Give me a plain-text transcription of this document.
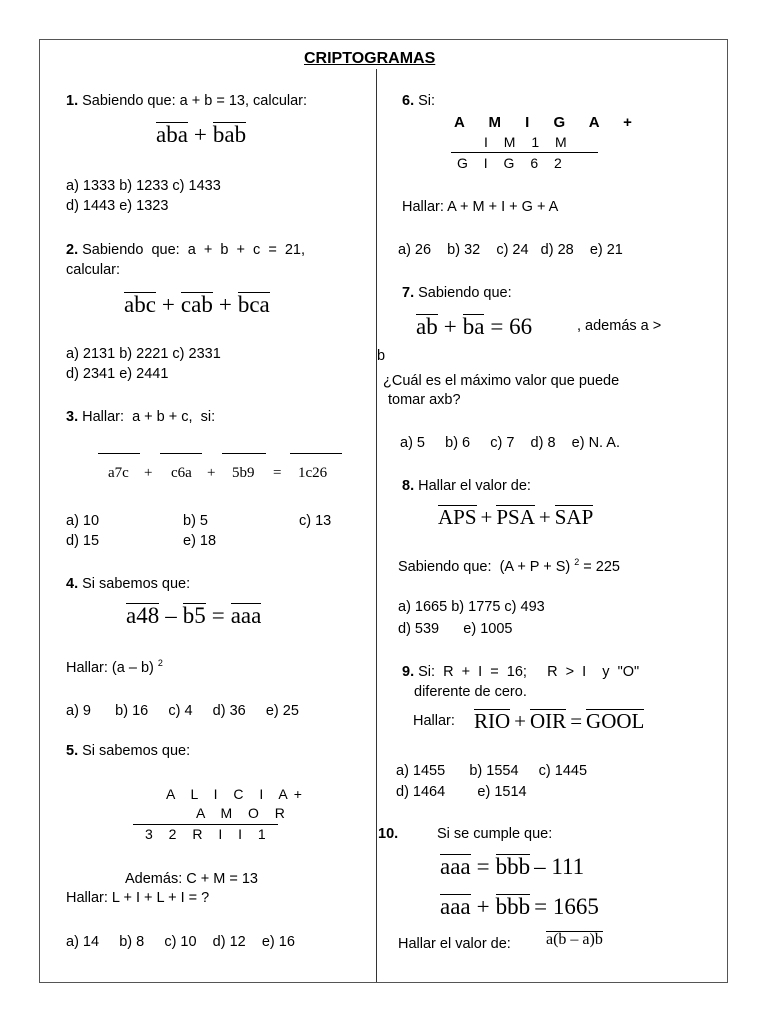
CRIPTOGRAMAS
1. Sabiendo que: a + b = 13, calcular:
aba + bab
a) 1333 b) 1233 c) 1433
d) 1443 e) 1323
2. Sabiendo  que:  a  +  b  +  c  =  21,
calcular:
abc + cab + bca
a) 2131 b) 2221 c) 2331
d) 2341 e) 2441
3. Hallar:  a + b + c,  si:
a7c + c6a + 5b9 = 1c26
a) 10	b) 5	c) 13
d) 15	e) 18
4. Si sabemos que:
a48 – b5 = aaa
Hallar: (a – b) $^2$
a) 9      b) 16     c) 4     d) 36     e) 25
5. Si sabemos que:
A L I C I A+
A M O R
3 2 R I I 1
Además: C + M = 13
Hallar: L + I + L + I = ?
a) 14     b) 8     c) 10    d) 12    e) 16
6. Si:
A M I G A +
I M 1 M
G I G 6 2
Hallar: A + M + I + G + A
a) 26    b) 32    c) 24   d) 28    e) 21
7. Sabiendo que:
ab + ba = 66	, además a >
b
¿Cuál es el máximo valor que puede
tomar axb?
a) 5     b) 6     c) 7    d) 8    e) N. A.
8. Hallar el valor de:
APS + PSA + SAP
Sabiendo que:  (A + P + S) $^2$ = 225
a) 1665 b) 1775 c) 493
d) 539      e) 1005
9. Si:  R  +  I  =  16;     R  >  I    y  "O"
diferente de cero.
Hallar: RIO + OIR = GOOL
a) 1455      b) 1554     c) 1445
d) 1464        e) 1514
10.	Si se cumple que:
aaa = bbb – 111
aaa + bbb = 1665
Hallar el valor de: a(b – a)b
